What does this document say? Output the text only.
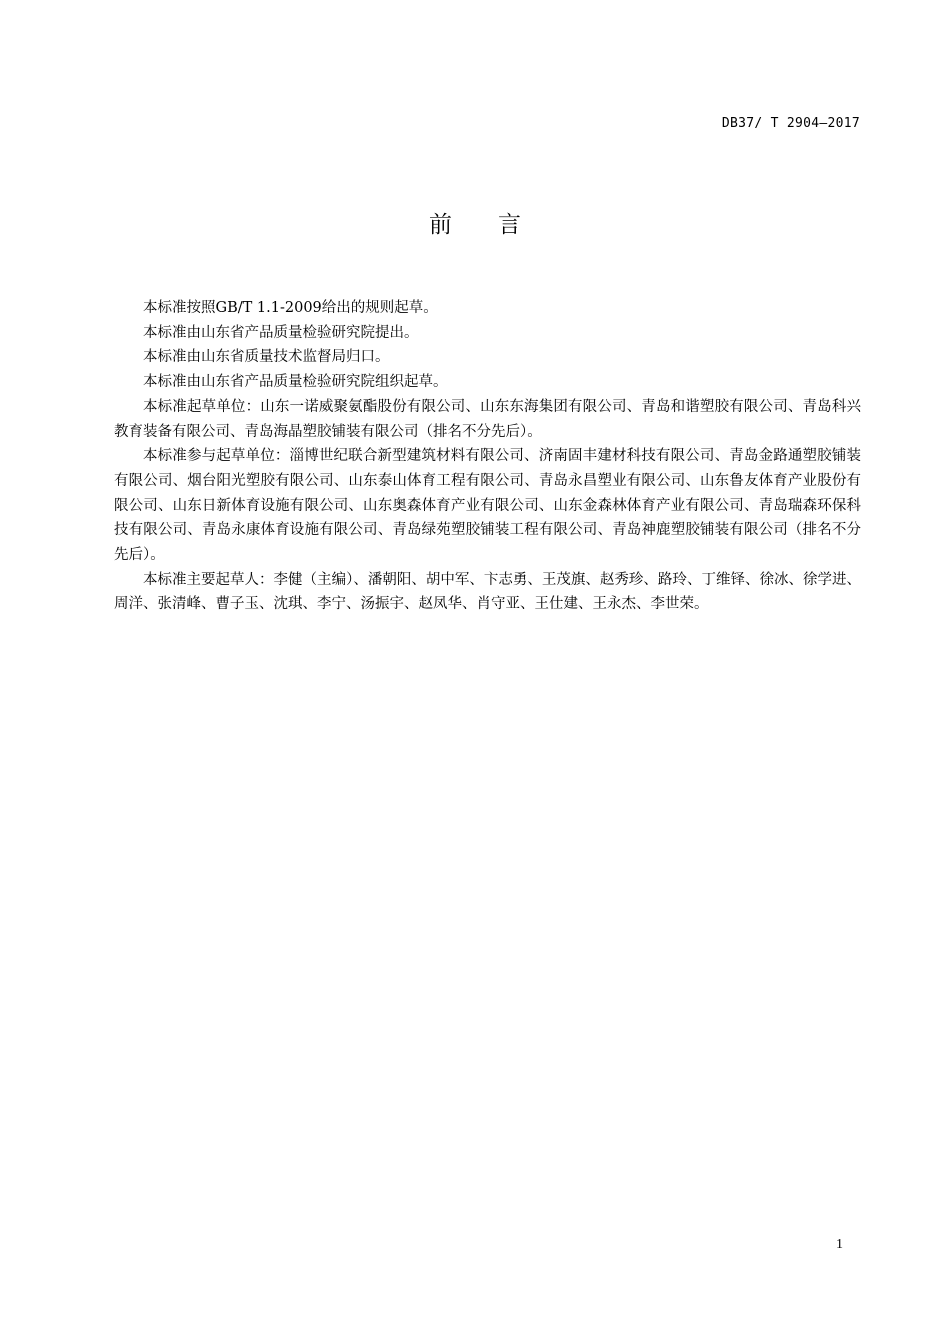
DB37/ T 2904—2017
前  言

本标准按照GB/T 1.1-2009给出的规则起草。

本标准由山东省产品质量检验研究院提出。

本标准由山东省质量技术监督局归口。

本标准由山东省产品质量检验研究院组织起草。

本标准起草单位：山东一诺威聚氨酯股份有限公司、山东东海集团有限公司、青岛和谐塑胶有限公司、青岛科兴教育装备有限公司、青岛海晶塑胶铺装有限公司（排名不分先后）。

本标准参与起草单位：淄博世纪联合新型建筑材料有限公司、济南固丰建材科技有限公司、青岛金路通塑胶铺装有限公司、烟台阳光塑胶有限公司、山东泰山体育工程有限公司、青岛永昌塑业有限公司、山东鲁友体育产业股份有限公司、山东日新体育设施有限公司、山东奥森体育产业有限公司、山东金森林体育产业有限公司、青岛瑞森环保科技有限公司、青岛永康体育设施有限公司、青岛绿苑塑胶铺装工程有限公司、青岛神鹿塑胶铺装有限公司（排名不分先后）。

本标准主要起草人：李健（主编）、潘朝阳、胡中军、卞志勇、王茂旗、赵秀珍、路玲、丁维铎、徐冰、徐学进、周洋、张清峰、曹子玉、沈琪、李宁、汤振宇、赵凤华、肖守亚、王仕建、王永杰、李世荣。

1
